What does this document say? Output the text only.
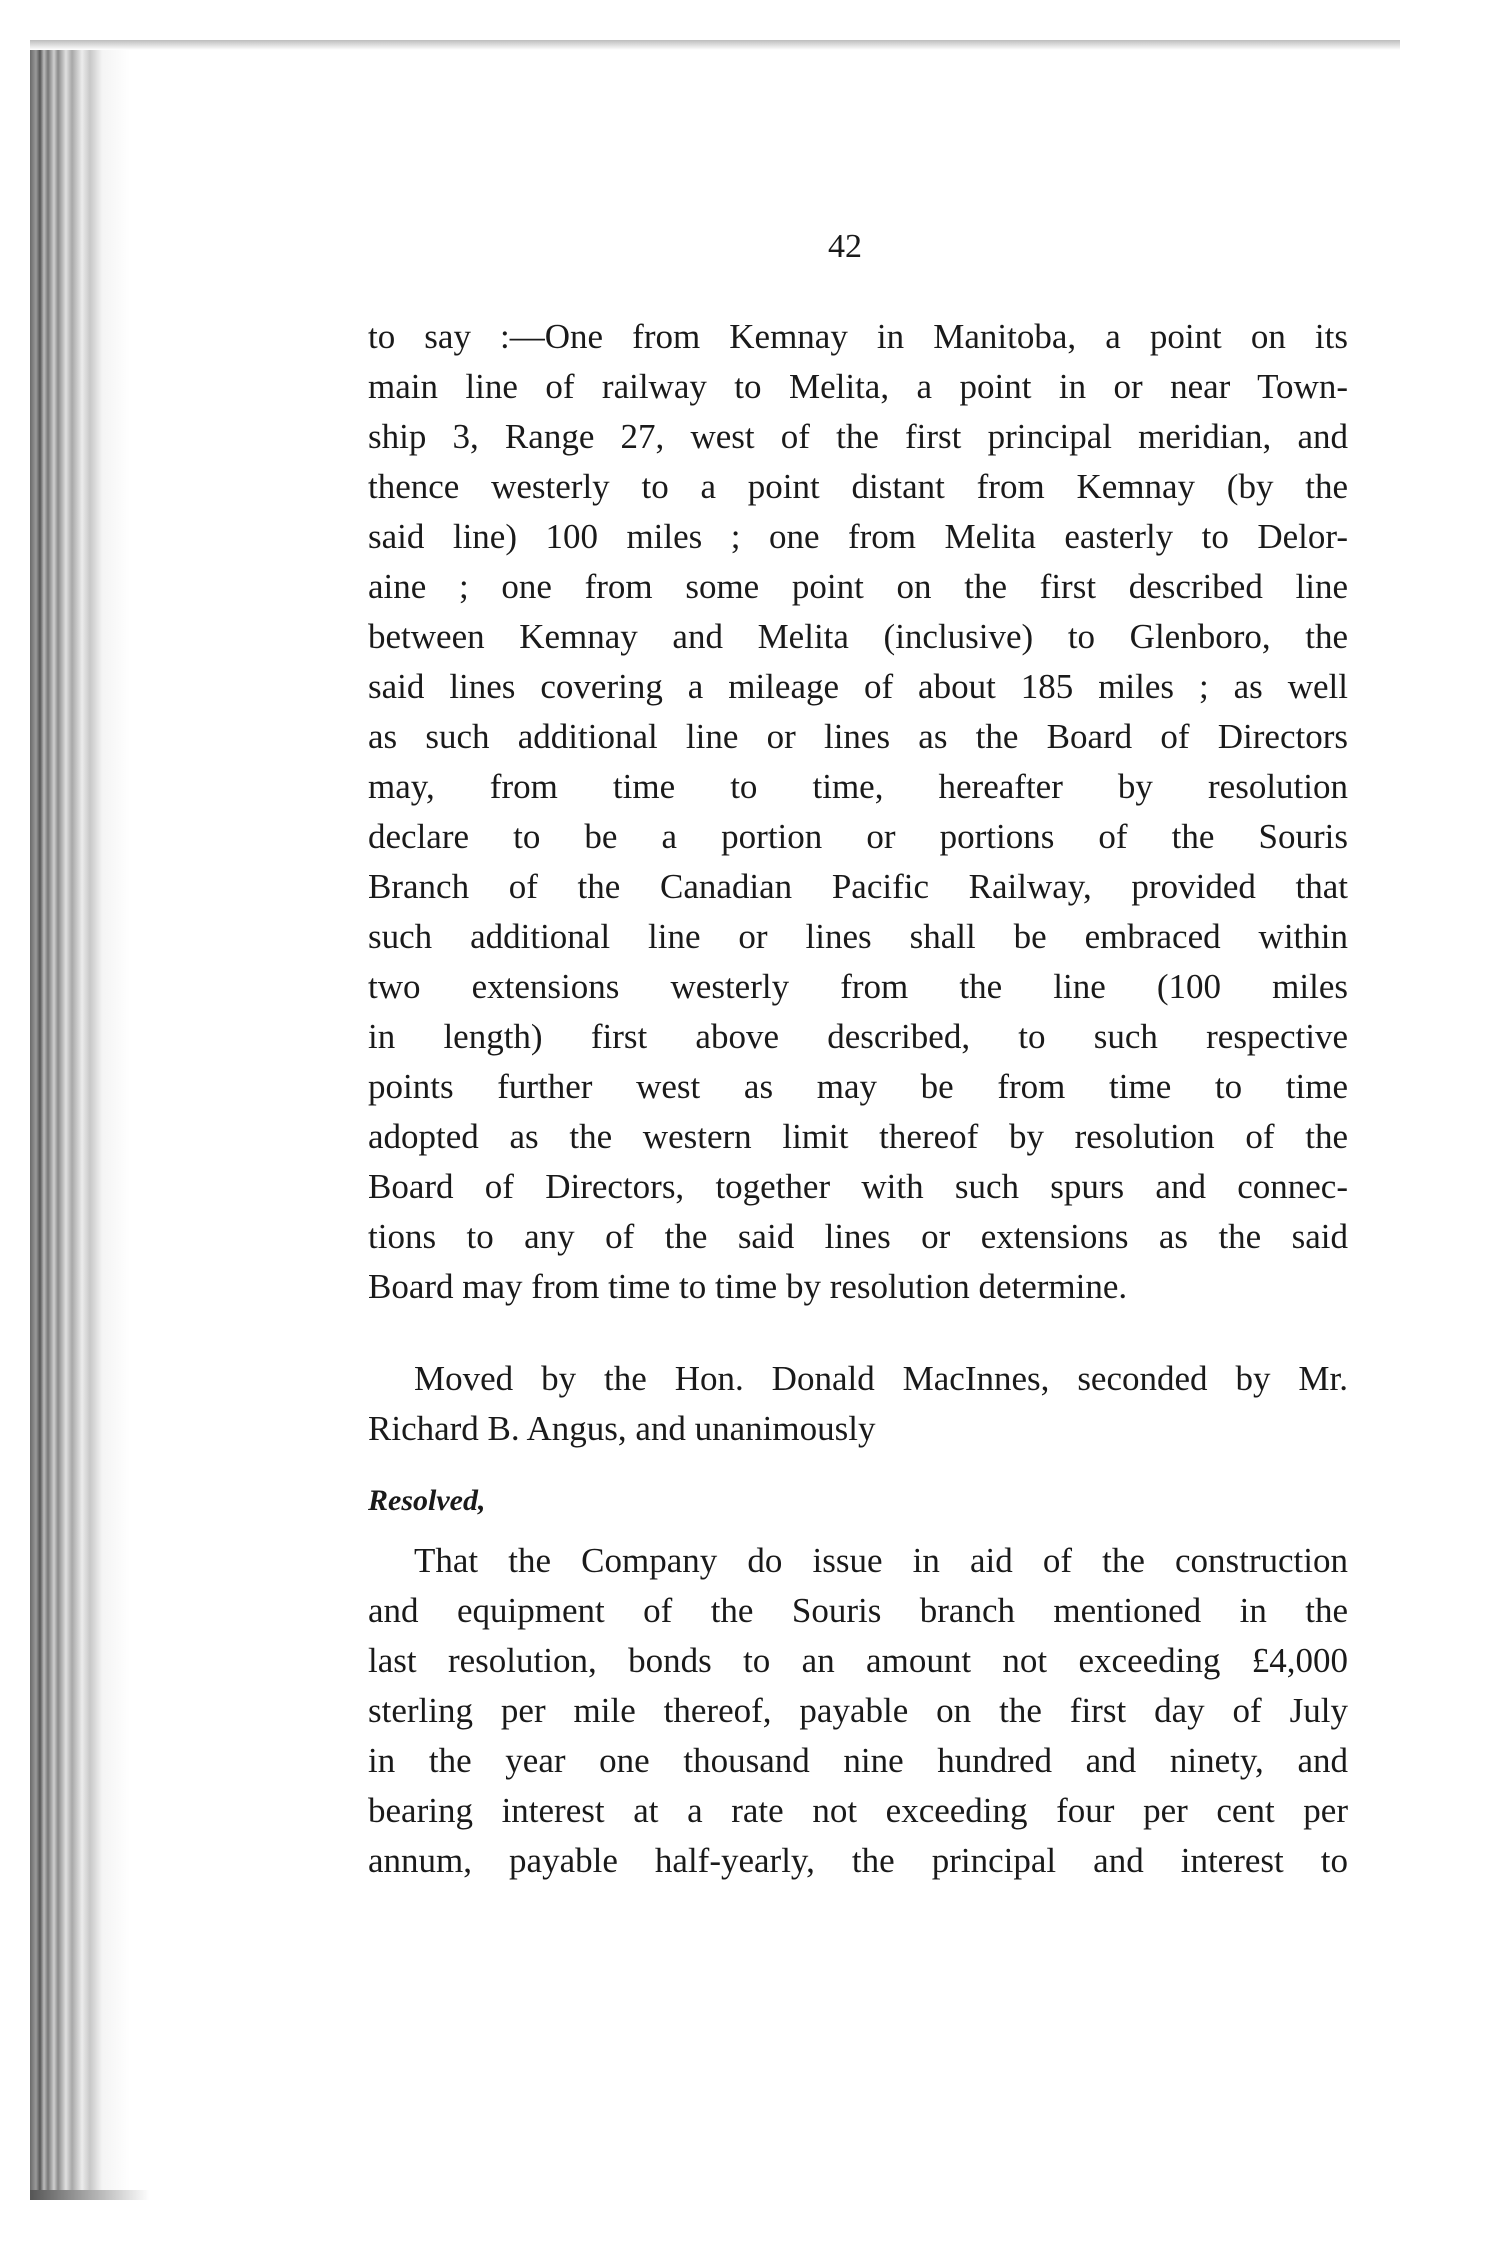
42
to say :—One from Kemnay in Manitoba, a point on its
main line of railway to Melita, a point in or near Town-
ship 3, Range 27, west of the first principal meridian, and
thence westerly to a point distant from Kemnay (by the
said line) 100 miles ; one from Melita easterly to Delor-
aine ; one from some point on the first described line
between Kemnay and Melita (inclusive) to Glenboro, the
said lines covering a mileage of about 185 miles ; as well
as such additional line or lines as the Board of Directors
may, from time to time, hereafter by resolution
declare to be a portion or portions of the Souris
Branch of the Canadian Pacific Railway, provided that
such additional line or lines shall be embraced within
two extensions westerly from the line (100 miles
in length) first above described, to such respective
points further west as may be from time to time
adopted as the western limit thereof by resolution of the
Board of Directors, together with such spurs and connec-
tions to any of the said lines or extensions as the said
Board may from time to time by resolution determine.
Moved by the Hon. Donald MacInnes, seconded by Mr.
Richard B. Angus, and unanimously
Resolved,
That the Company do issue in aid of the construction
and equipment of the Souris branch mentioned in the
last resolution, bonds to an amount not exceeding £4,000
sterling per mile thereof, payable on the first day of July
in the year one thousand nine hundred and ninety, and
bearing interest at a rate not exceeding four per cent per
annum, payable half-yearly, the principal and interest to
